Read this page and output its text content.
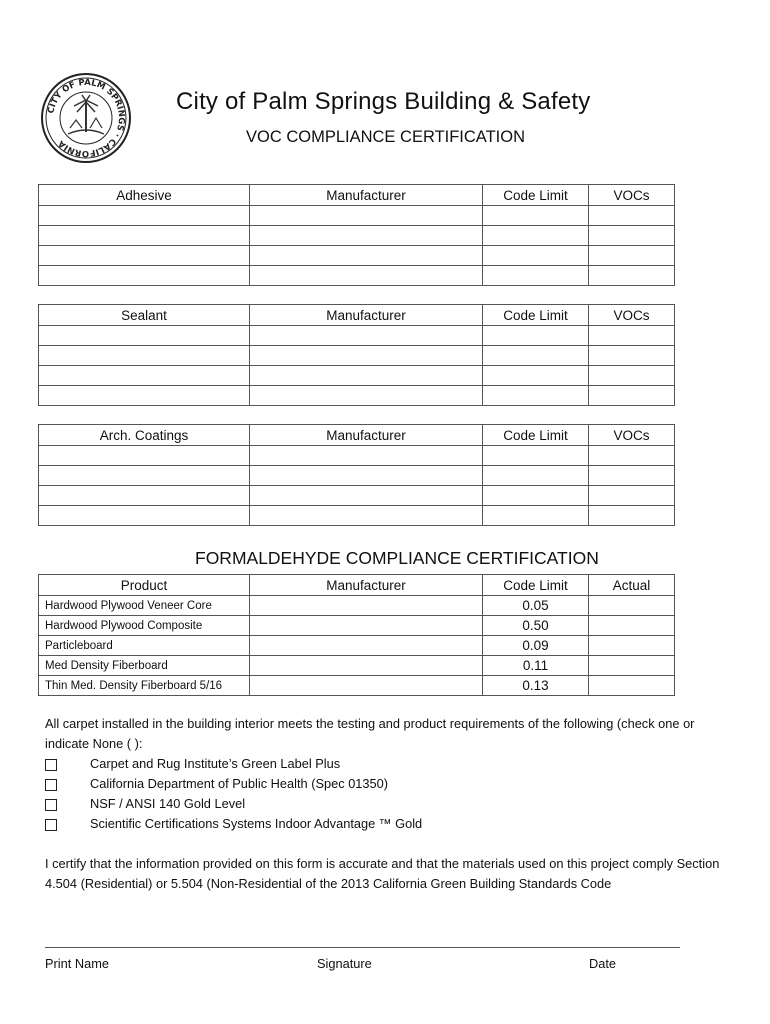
CITY OF PALM SPRINGS · CALIFORNIA
City of Palm Springs Building & Safety
VOC COMPLIANCE CERTIFICATION
Adhesive	Manufacturer	Code Limit	VOCs

Sealant	Manufacturer	Code Limit	VOCs

Arch. Coatings	Manufacturer	Code Limit	VOCs

FORMALDEHYDE COMPLIANCE CERTIFICATION
Product	Manufacturer	Code Limit	Actual
Hardwood Plywood Veneer Core		0.05	
Hardwood Plywood Composite		0.50	
Particleboard		0.09	
Med Density Fiberboard		0.11	
Thin Med. Density Fiberboard 5/16		0.13	
All carpet installed in the building interior meets the testing and product requirements of the following (check one or indicate None ( ):
Carpet and Rug Institute’s Green Label Plus
California Department of Public Health (Spec 01350)
NSF / ANSI 140 Gold Level
Scientific Certifications Systems Indoor Advantage ™ Gold
I certify that the information provided on this form is accurate and that the materials used on this project comply Section 4.504 (Residential) or 5.504 (Non-Residential of the 2013 California Green Building Standards Code
Print Name	Signature	Date
